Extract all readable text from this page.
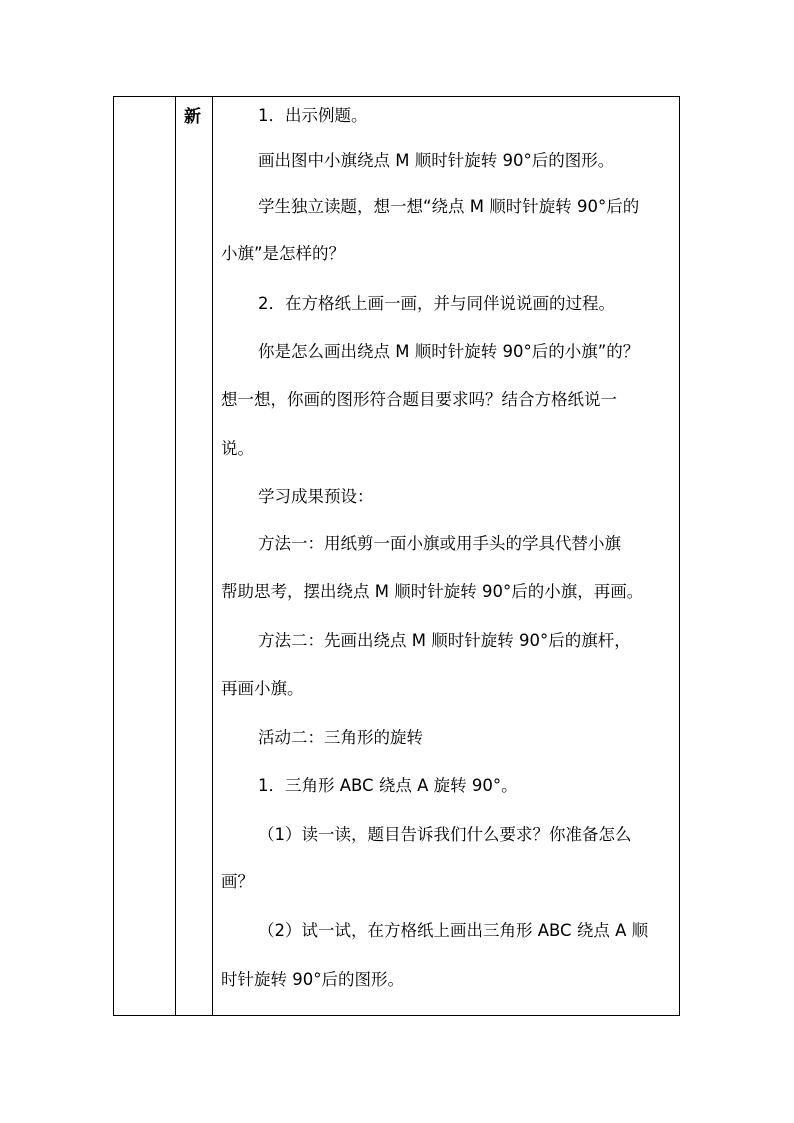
新	1．出示例题。
画出图中小旗绕点 M 顺时针旋转 90°后的图形。
学生独立读题，想一想“绕点 M 顺时针旋转 90°后的
小旗”是怎样的？
2．在方格纸上画一画，并与同伴说说画的过程。
你是怎么画出绕点 M 顺时针旋转 90°后的小旗”的？
想一想，你画的图形符合题目要求吗？结合方格纸说一
说。
学习成果预设：
方法一：用纸剪一面小旗或用手头的学具代替小旗
帮助思考，摆出绕点 M 顺时针旋转 90°后的小旗，再画。
方法二：先画出绕点 M 顺时针旋转 90°后的旗杆，
再画小旗。
活动二：三角形的旋转
1．三角形 ABC 绕点 A 旋转 90°。
（1）读一读，题目告诉我们什么要求？你准备怎么
画？
（2）试一试，在方格纸上画出三角形 ABC 绕点 A 顺
时针旋转 90°后的图形。
